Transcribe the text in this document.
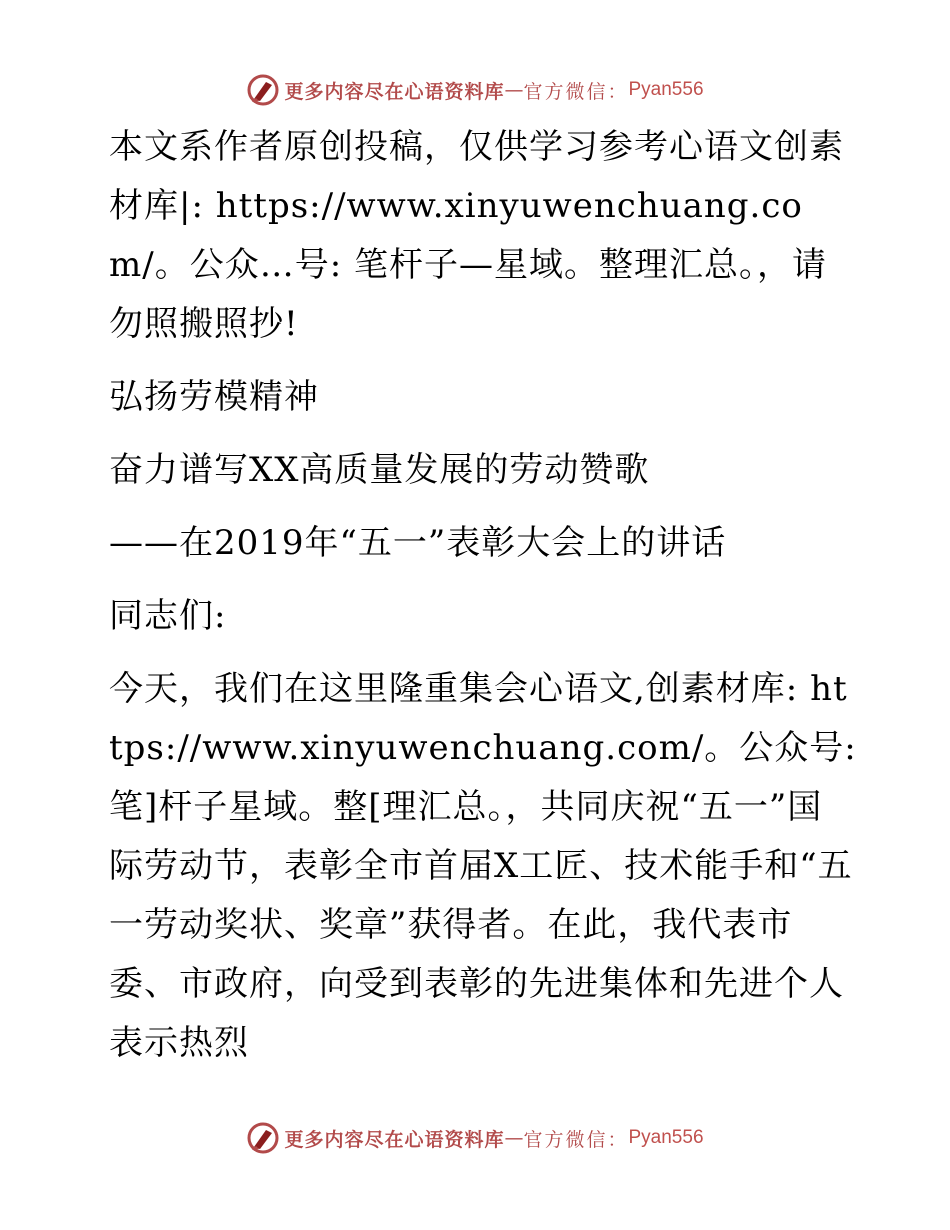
更多内容尽在心语资料库 — 官方微信： Pyan556

本文系作者原创投稿，仅供学习参考心语文创素材库|: https://www.xinyuwenchuang.com/。公众…号: 笔杆子—星域。整理汇总。，请勿照搬照抄!

弘扬劳模精神

奋力谱写XX高质量发展的劳动赞歌

——在2019年“五一”表彰大会上的讲话

同志们:

今天，我们在这里隆重集会心语文,创素材库: https://www.xinyuwenchuang.com/。公众号: 笔]杆子星域。整[理汇总。，共同庆祝“五一”国际劳动节，表彰全市首届X工匠、技术能手和“五一劳动奖状、奖章”获得者。在此，我代表市委、市政府，向受到表彰的先进集体和先进个人表示热烈

更多内容尽在心语资料库 — 官方微信： Pyan556
